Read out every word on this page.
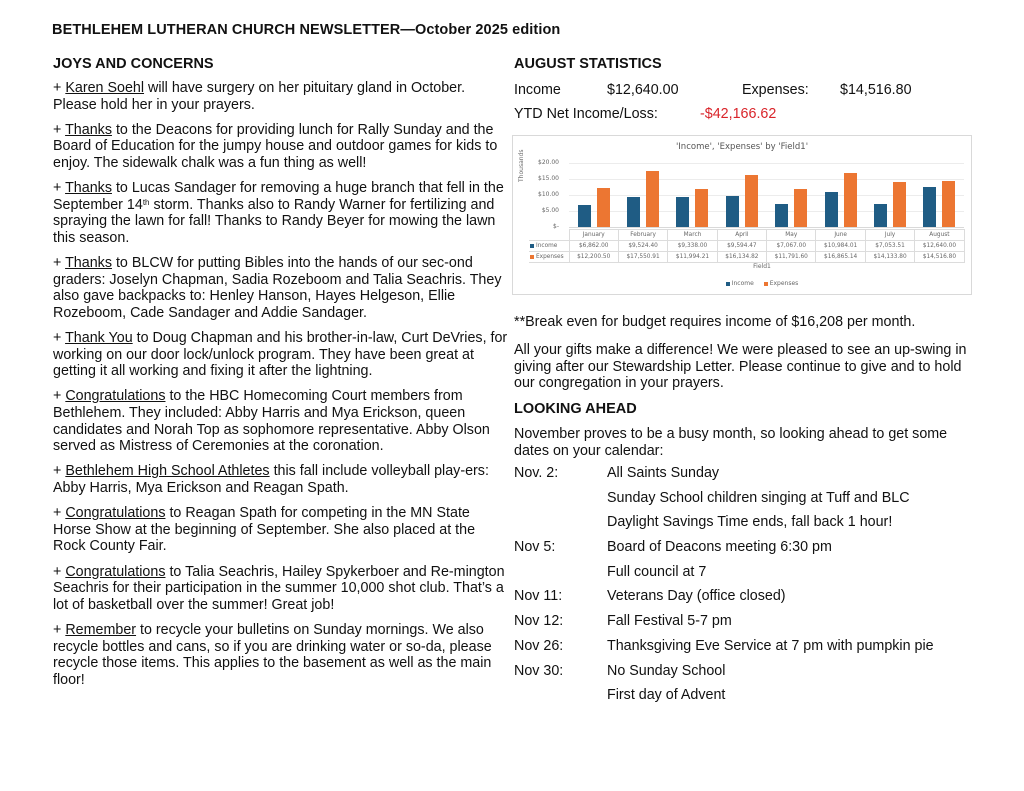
BETHLEHEM LUTHERAN CHURCH NEWSLETTER—October 2025 edition
JOYS AND CONCERNS

+ Karen Soehl will have surgery on her pituitary gland in October. Please hold her in your prayers.

+ Thanks to the Deacons for providing lunch for Rally Sunday and the Board of Education for the jumpy house and outdoor games for kids to enjoy. The sidewalk chalk was a fun thing as well!

+ Thanks to Lucas Sandager for removing a huge branch that fell in the September 14th storm. Thanks also to Randy Warner for fertilizing and spraying the lawn for fall! Thanks to Randy Beyer for mowing the lawn this season.

+ Thanks to BLCW for putting Bibles into the hands of our sec-ond graders: Joselyn Chapman, Sadia Rozeboom and Talia Seachris. They also gave backpacks to: Henley Hanson, Hayes Helgeson, Ellie Rozeboom, Cade Sandager and Addie Sandager.

+ Thank You to Doug Chapman and his brother-in-law, Curt DeVries, for working on our door lock/unlock program. They have been great at getting it all working and fixing it after the lightning.

+ Congratulations to the HBC Homecoming Court members from Bethlehem. They included: Abby Harris and Mya Erickson, queen candidates and Norah Top as sophomore representative. Abby Olson served as Mistress of Ceremonies at the coronation.

+ Bethlehem High School Athletes this fall include volleyball play-ers: Abby Harris, Mya Erickson and Reagan Spath.

+ Congratulations to Reagan Spath for competing in the MN State Horse Show at the beginning of September. She also placed at the Rock County Fair.

+ Congratulations to Talia Seachris, Hailey Spykerboer and Re-mington Seachris for their participation in the summer 10,000 shot club. That’s a lot of basketball over the summer! Great job!

+ Remember to recycle your bulletins on Sunday mornings. We also recycle bottles and cans, so if you are drinking water or so-da, please recycle those items. This applies to the basement as well as the main floor!

AUGUST STATISTICS
Income	$12,640.00	Expenses: $14,516.80
YTD Net Income/Loss:	-$42,166.62
'Income', 'Expenses' by 'Field1'
Thousands	$20.00
$15.00
$10.00
$5.00
$-
	January	February	March	April	May	June	July	August
Income	$6,862.00	$9,524.40	$9,338.00	$9,594.47	$7,067.00	$10,984.01	$7,053.51	$12,640.00
Expenses	$12,200.50	$17,550.91	$11,994.21	$16,134.82	$11,791.60	$16,865.14	$14,133.80	$14,516.80
Field1
Income	Expenses
**Break even for budget requires income of $16,208 per month.
All your gifts make a difference! We were pleased to see an up-swing in giving after our Stewardship Letter. Please continue to give and to hold our congregation in your prayers.
LOOKING AHEAD
November proves to be a busy month, so looking ahead to get some dates on your calendar:
Nov. 2:	All Saints Sunday
Sunday School children singing at Tuff and BLC
Daylight Savings Time ends, fall back 1 hour!
Nov 5:	Board of Deacons meeting 6:30 pm
Full council at 7
Nov 11:	Veterans Day (office closed)
Nov 12:	Fall Festival 5-7 pm
Nov 26:	Thanksgiving Eve Service at 7 pm with pumpkin pie
Nov 30:	No Sunday School
First day of Advent
